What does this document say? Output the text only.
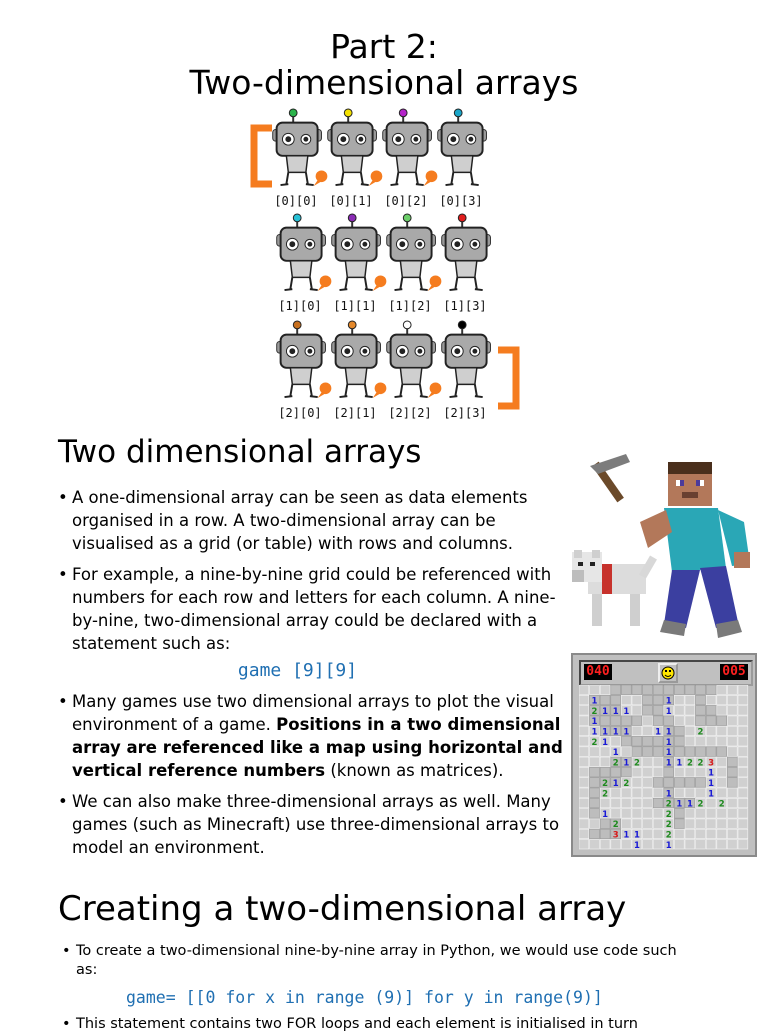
Part 2:
Two-dimensional arrays
[0][0] [0][1] [0][2] [0][3]
[1][0] [1][1] [1][2] [1][3]
[2][0] [2][1] [2][2] [2][3]
Two dimensional arrays
• A one-dimensional array can be seen as data elements organised in a row. A two-dimensional array can be visualised as a grid (or table) with rows and columns.
• For example, a nine-by-nine grid could be referenced with numbers for each row and letters for each column. A nine-by-nine, two-dimensional array could be declared with a statement such as:
game [9][9]
• Many games use two dimensional arrays to plot the visual environment of a game. Positions in a two dimensional array are referenced like a map using horizontal and vertical reference numbers (known as matrices).
• We can also make three-dimensional arrays as well. Many games (such as Minecraft) use three-dimensional arrays to model an environment.
040	005
1
2 1 1 1
1
1 1 1 1
2 1
1
2 1 2
1
1
1 1
1
1
1 1 2 2 3
2
1
1
2 1 2
2	1	1
2 1 1 2 2
1	2
2	2
3 1 1	2
1	1
Creating a two-dimensional array
• To create a two-dimensional nine-by-nine array in Python, we would use code such as:
game= [[0 for x in range (9)] for y in range(9)]
• This statement contains two FOR loops and each element is initialised in turn
